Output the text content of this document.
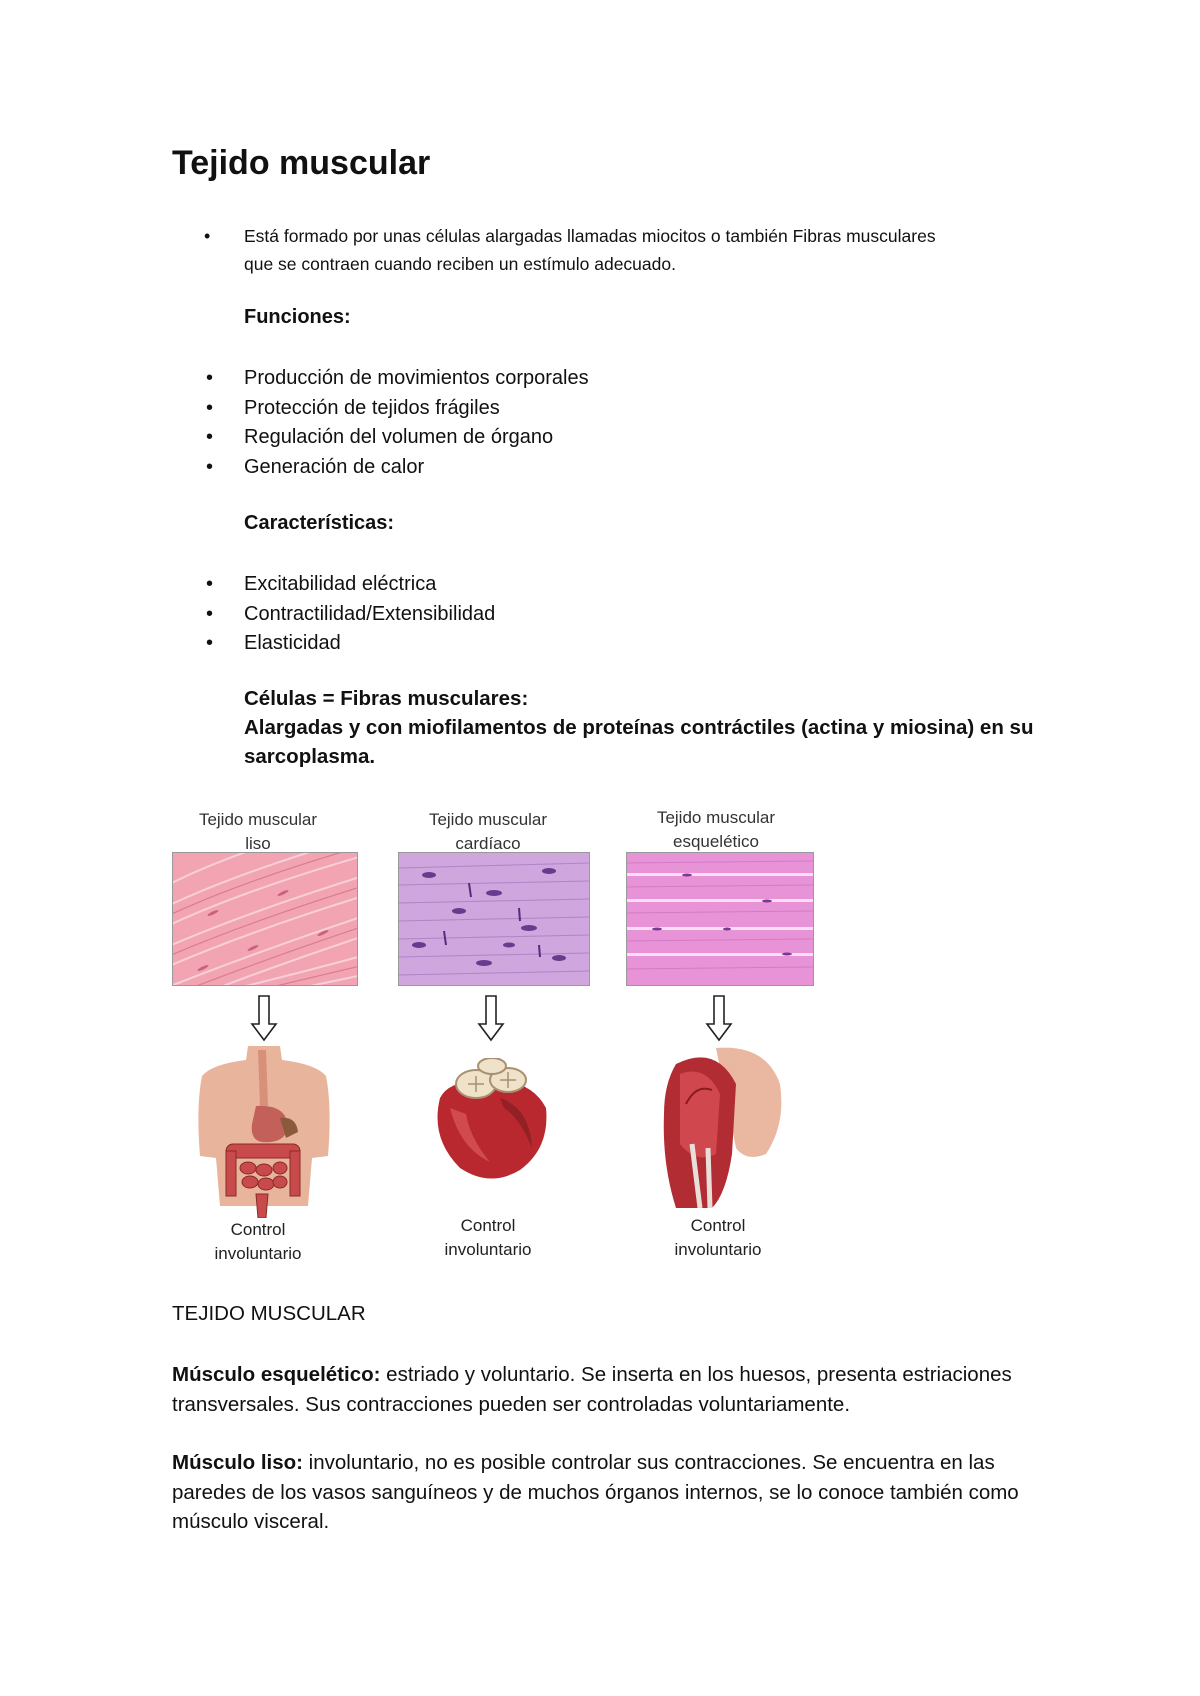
Tejido muscular
• Está formado por unas células alargadas llamadas miocitos o también Fibras musculares que se contraen cuando reciben un estímulo adecuado.
Funciones:
• Producción de movimientos corporales
• Protección de tejidos frágiles
• Regulación del volumen de órgano
• Generación de calor
Características:
• Excitabilidad eléctrica
• Contractilidad/Extensibilidad
• Elasticidad
Células = Fibras musculares:
Alargadas y con miofilamentos de proteínas contráctiles (actina y miosina) en su sarcoplasma.
Tejido muscular
liso
Tejido muscular
cardíaco
Tejido muscular
esquelético
Control
involuntario
Control
involuntario
Control
involuntario
TEJIDO MUSCULAR
Músculo esquelético: estriado y voluntario. Se inserta en los huesos, presenta estriaciones transversales. Sus contracciones pueden ser controladas voluntariamente.
Músculo liso: involuntario, no es posible controlar sus contracciones. Se encuentra en las paredes de los vasos sanguíneos y de muchos órganos internos, se lo conoce también como músculo visceral.
